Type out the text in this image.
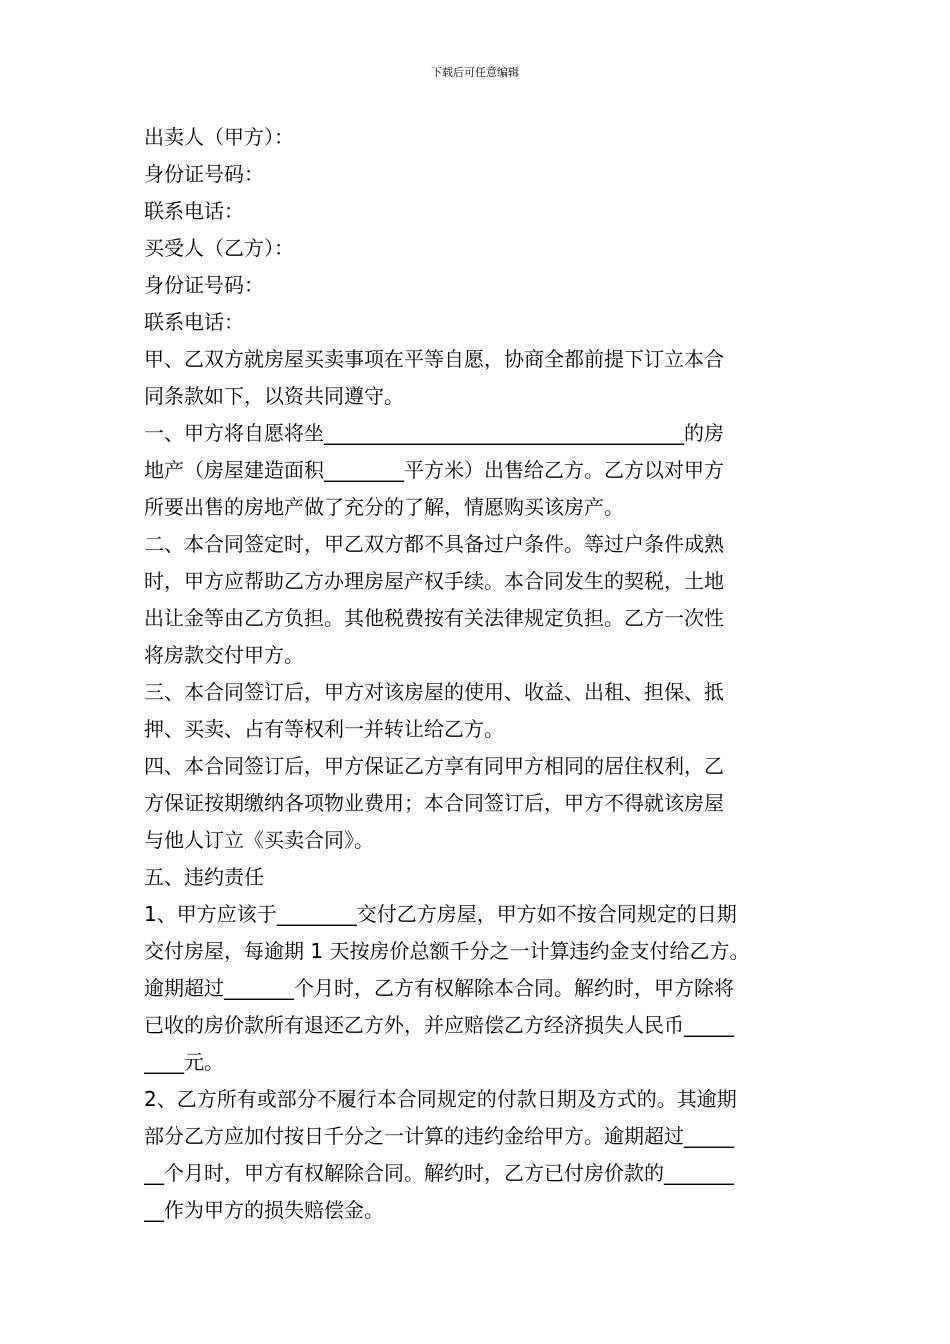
下载后可任意编辑
出卖人（甲方）：
身份证号码：
联系电话：
买受人（乙方）：
身份证号码：
联系电话：
甲、乙双方就房屋买卖事项在平等自愿，协商全都前提下订立本合
同条款如下，以资共同遵守。
一、甲方将自愿将坐____________________________________的房
地产（房屋建造面积________平方米）出售给乙方。乙方以对甲方
所要出售的房地产做了充分的了解，情愿购买该房产。
二、本合同签定时，甲乙双方都不具备过户条件。等过户条件成熟
时，甲方应帮助乙方办理房屋产权手续。本合同发生的契税，土地
出让金等由乙方负担。其他税费按有关法律规定负担。乙方一次性
将房款交付甲方。
三、本合同签订后，甲方对该房屋的使用、收益、出租、担保、抵
押、买卖、占有等权利一并转让给乙方。
四、本合同签订后，甲方保证乙方享有同甲方相同的居住权利，乙
方保证按期缴纳各项物业费用；本合同签订后，甲方不得就该房屋
与他人订立《买卖合同》。
五、违约责任
1、甲方应该于________交付乙方房屋，甲方如不按合同规定的日期
交付房屋，每逾期 1 天按房价总额千分之一计算违约金支付给乙方。
逾期超过_______个月时，乙方有权解除本合同。解约时，甲方除将
已收的房价款所有退还乙方外，并应赔偿乙方经济损失人民币_____
____元。
2、乙方所有或部分不履行本合同规定的付款日期及方式的。其逾期
部分乙方应加付按日千分之一计算的违约金给甲方。逾期超过_____
__个月时，甲方有权解除合同。解约时，乙方已付房价款的_______
__作为甲方的损失赔偿金。
